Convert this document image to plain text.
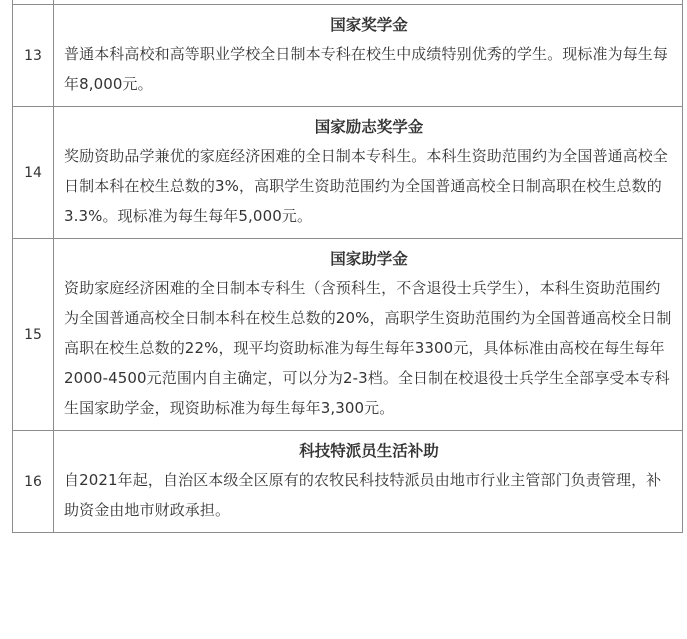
13	国家奖学金

普通本科高校和高等职业学校全日制本专科在校生中成绩特别优秀的学生。现标准为每生每年8,000元。

14	国家励志奖学金

奖励资助品学兼优的家庭经济困难的全日制本专科生。本科生资助范围约为全国普通高校全日制本科在校生总数的3%，高职学生资助范围约为全国普通高校全日制高职在校生总数的3.3%。现标准为每生每年5,000元。

15	国家助学金

资助家庭经济困难的全日制本专科生（含预科生，不含退役士兵学生），本科生资助范围约为全国普通高校全日制本科在校生总数的20%，高职学生资助范围约为全国普通高校全日制高职在校生总数的22%，现平均资助标准为每生每年3300元，具体标准由高校在每生每年2000-4500元范围内自主确定，可以分为2-3档。全日制在校退役士兵学生全部享受本专科生国家助学金，现资助标准为每生每年3,300元。

16	科技特派员生活补助

自2021年起，自治区本级全区原有的农牧民科技特派员由地市行业主管部门负责管理，补助资金由地市财政承担。
